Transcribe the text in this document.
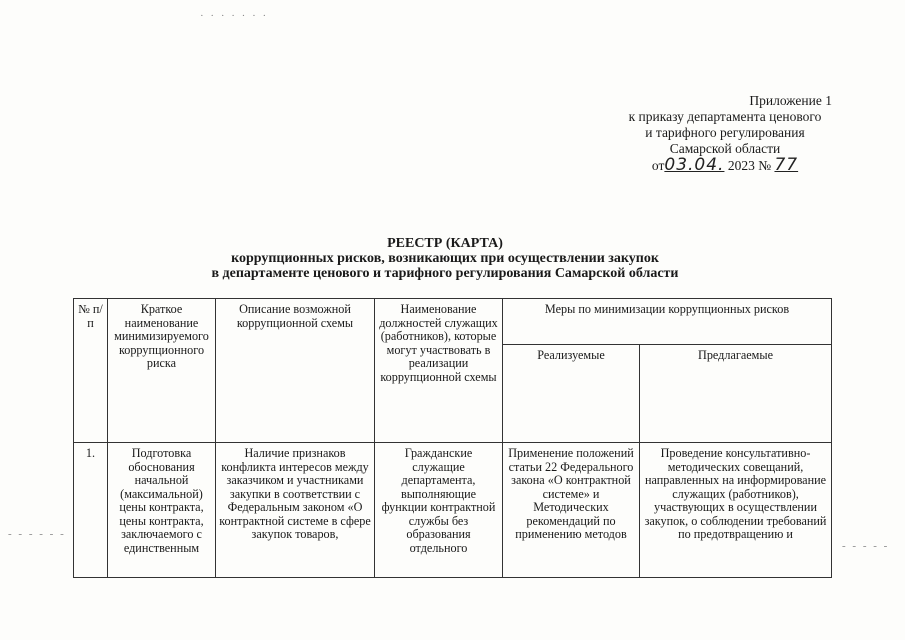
Приложение 1
к приказу департамента ценового
и тарифного регулирования
Самарской области
от03.04. 2023 № 77
РЕЕСТР (КАРТА)
коррупционных рисков, возникающих при осуществлении закупок
в департаменте ценового и тарифного регулирования Самарской области
№ п/п	Краткое наименование минимизируемого коррупционного риска	Описание возможной коррупционной схемы	Наименование должностей служащих (работников), которые могут участвовать в реализации коррупционной схемы	Меры по минимизации коррупционных рисков	
				Реализуемые	Предлагаемые
1.	Подготовка обоснования начальной (максимальной) цены контракта, цены контракта, заключаемого с единственным	Наличие признаков конфликта интересов между заказчиком и участниками закупки в соответствии с Федеральным законом «О контрактной системе в сфере закупок товаров,	Гражданские служащие департамента, выполняющие функции контрактной службы без образования отдельного	Применение положений статьи 22 Федерального закона «О контрактной системе» и Методических рекомендаций по применению методов	Проведение консультативно-методических совещаний, направленных на информирование служащих (работников), участвующих в осуществлении закупок, о соблюдении требований по предотвращению и
· · · · · · ·
- - - - - -
- - - - -
